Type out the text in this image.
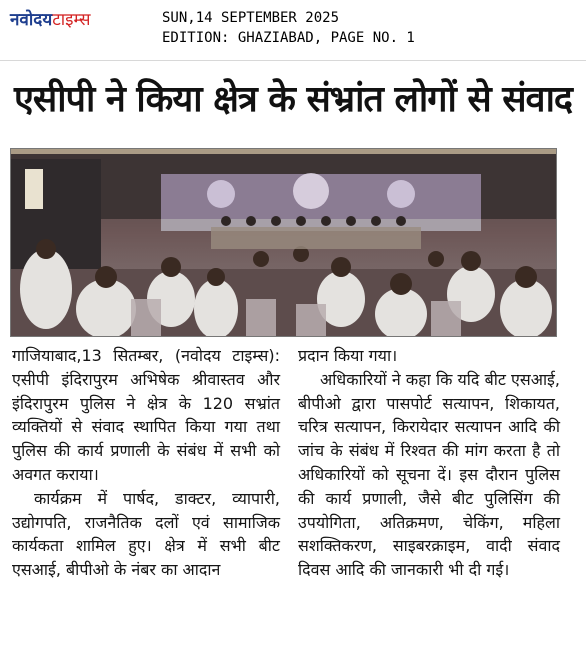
नवोदयटाइम्स	SUN,14 SEPTEMBER 2025
EDITION: GHAZIABAD, PAGE NO. 1
एसीपी ने किया क्षेत्र के संभ्रांत लोगों से संवाद

गाजियाबाद,13 सितम्बर, (नवोदय टाइम्स): एसीपी इंदिरापुरम अभिषेक श्रीवास्तव और इंदिरापुरम पुलिस ने क्षेत्र के 120 सभ्रांत व्यक्तियों से संवाद स्थापित किया गया तथा पुलिस की कार्य प्रणाली के संबंध में सभी को अवगत कराया।

कार्यक्रम में पार्षद, डाक्टर, व्यापारी, उद्योगपति, राजनैतिक दलों एवं सामाजिक कार्यकता शामिल हुए। क्षेत्र में सभी बीट एसआई, बीपीओ के नंबर का आदान

प्रदान किया गया।

अधिकारियों ने कहा कि यदि बीट एसआई, बीपीओ द्वारा पासपोर्ट सत्यापन, शिकायत, चरित्र सत्यापन, किरायेदार सत्यापन आदि की जांच के संबंध में रिश्वत की मांग करता है तो अधिकारियों को सूचना दें। इस दौरान पुलिस की कार्य प्रणाली, जैसे बीट पुलिसिंग की उपयोगिता, अतिक्रमण, चेकिंग, महिला सशक्तिकरण, साइबरक्राइम, वादी संवाद दिवस आदि की जानकारी भी दी गई।
